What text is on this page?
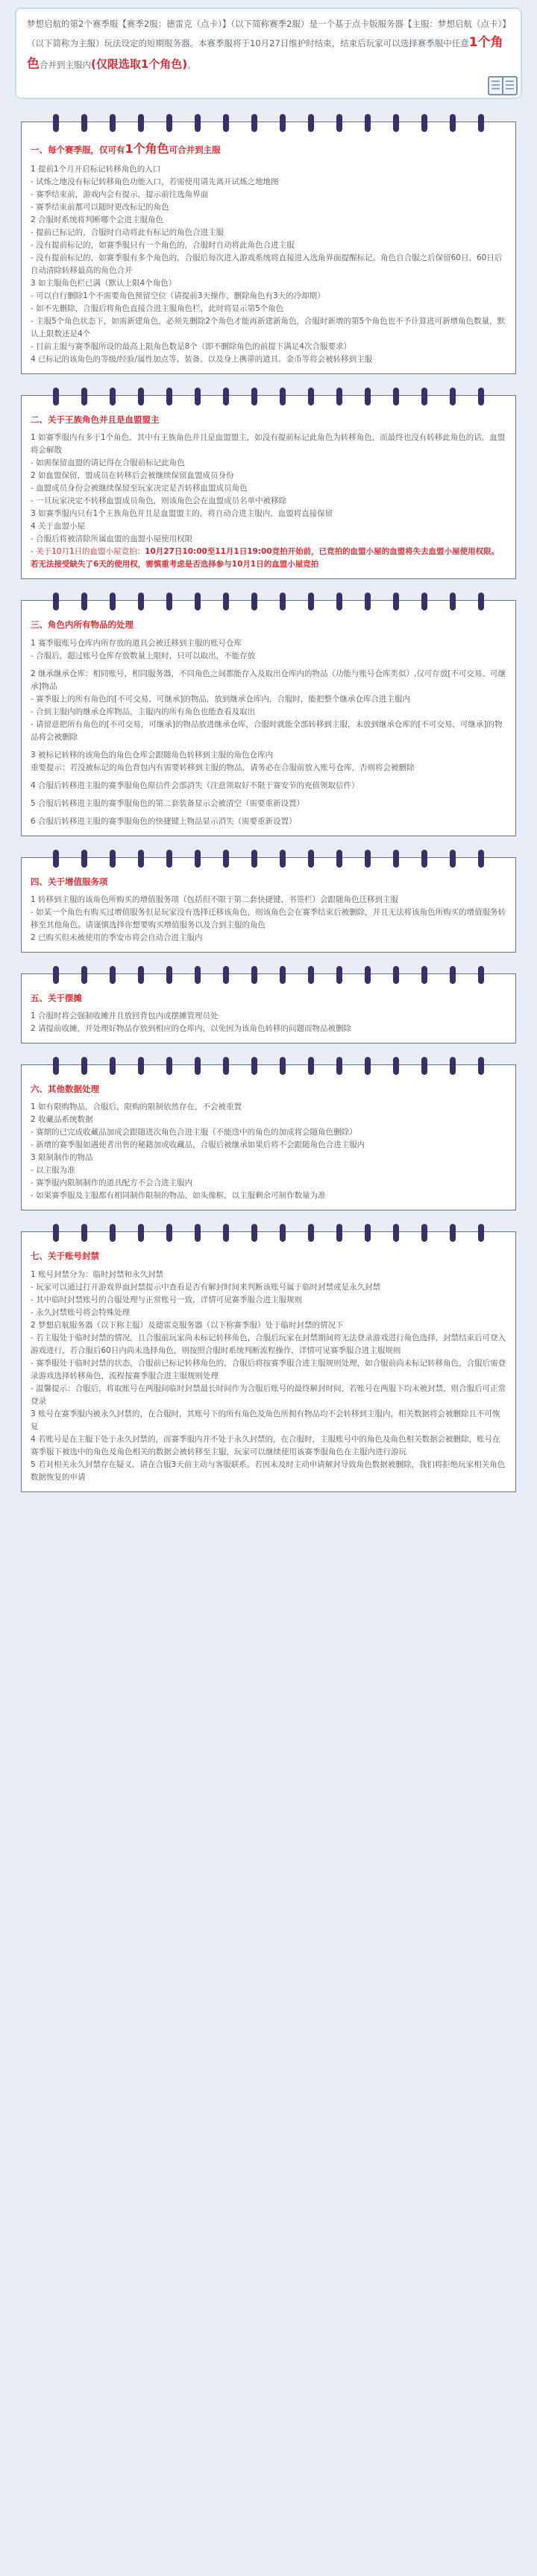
梦想启航的第2个赛季服【赛季2服：德雷克（点卡）】（以下简称赛季2服）是一个基于点卡版服务器【主服：梦想启航（点卡）】（以下简称为主服）玩法设定的短期服务器。本赛季服将于10月27日维护时结束，结束后玩家可以选择赛季服中任意1个角色合并到主服内(仅限选取1个角色)。
一、每个赛季服，仅可有1个角色可合并到主服
1 提前1个月开启标记转移角色的入口
- 试炼之地没有标记转移角色功能入口，若需使用请先离开试炼之地地图
- 赛季结束前，游戏内会有提示，提示前往选角界面
- 赛季结束前都可以随时更改标记的角色
2 合服时系统将判断哪个会进主服角色
- 提前已标记的，合服时自动将此有标记的角色合进主服
- 没有提前标记的，如赛季服只有一个角色的，合服时自动将此角色合进主服
- 没有提前标记的，如赛季服有多个角色的，合服后每次进入游戏系统将直接进入选角界面提醒标记。角色自合服之后保留60日，60日后自动清除转移最高的角色合并
3 如主服角色栏已满（默认上限4个角色）
- 可以自行删除1个不需要角色预留空位（请提前3天操作，删除角色有3天的冷却期）
- 如不先删除，合服后将角色直接合进主服角色栏，此时将显示第5个角色
- 主服5个角色状态下，如需新建角色，必须先删除2个角色才能再新建新角色，合服时新增的第5个角色也不予计算进可新增角色数量，默认上限数还是4个
- 目前主服与赛季服所设的最高上限角色数是8个（即不删除角色的前提下满足4次合服要求）
4 已标记的该角色的等级/经验/属性加点等、装备、以及身上携带的道具、金币等将会被转移到主服
二、关于王族角色并且是血盟盟主
1 如赛季服内有多于1个角色，其中有王族角色并且是血盟盟主，如没有提前标记此角色为转移角色，而最终也没有转移此角色的话，血盟将会解散
- 如需保留血盟的请记得在合服前标记此角色
2 如血盟保留，盟成员在转移后会被继续保留血盟成员身份
- 血盟成员身份会被继续保留至玩家决定是否转移血盟成员角色
- 一旦玩家决定不转移血盟成员角色，则该角色会在血盟成员名单中被移除
3 如赛季服内只有1个王族角色并且是血盟盟主的，将自动合进主服内，血盟将直接保留
4 关于血盟小屋
- 合服后将被清除所属血盟的血盟小屋使用权限
- 关于10月1日的血盟小屋竞拍：10月27日10:00至11月1日19:00竞拍开始前，已竞拍的血盟小屋的血盟将失去血盟小屋使用权限。若无法接受缺失了6天的使用权，需慎重考虑是否选择参与10月1日的血盟小屋竞拍
三、角色内所有物品的处理
1 赛季服账号仓库内所存放的道具会被迁移到主服的账号仓库
- 合服后，超过账号仓库存放数量上限时，只可以取出，不能存放
2 继承继承仓库：相同账号，相同服务器，不同角色之间都能存入及取出仓库内的物品（功能与账号仓库类似）,仅可存放[不可交易、可继承]物品
- 赛季服上的所有角色的[不可交易，可继承]的物品，放到继承仓库内，合服时，能把整个继承仓库合进主服内
- 合到主服内的继承仓库物品，主服内的所有角色也能查看及取出
- 请留意把所有角色的[不可交易，可继承]的物品放进继承仓库，合服时就能全部转移到主服，未放到继承仓库的[不可交易，可继承]的物品将会被删除
3 被标记转移的该角色的角色仓库会跟随角色转移到主服的角色仓库内
重要提示：若没被标记的角色背包内有需要转移到主服的物品，请务必在合服前放入账号仓库，否则将会被删除
4 合服后转移进主服的赛季服角色原信件会部消失（注意领取好不限于赛安节的充值领取信件）
5 合服后转移进主服的赛季服角色的第二套装备显示会被清空（需要重新设置）
6 合服后转移进主服的赛季服角色的快捷键上物品显示消失（需要重新设置）
四、关于增值服务项
1 转移到主服的该角色所购买的增值服务项（包括但不限于第二套快捷键、书签栏）会跟随角色迁移到主服
- 如某一个角色有购买过增值服务但是玩家没有选择迁移该角色，则该角色会在赛季结束后被删除，并且无法将该角色所购买的增值服务转移至其他角色。请谨慎选择你想要购买增值服务以及合到主服的角色
2 已购买但未被使用的季安市将会自动合进主服内
五、关于摆摊
1 合服时将会强制收摊并且放回背包内或摆摊管理员处
2 请提前收摊，并处理好物品存放到相应的仓库内，以免因为该角色转移的问题而物品被删除
六、其他数据处理
1 如有限购物品，合服后，限购的限制依然存在，不会被重置
2 收藏品系统数据
- 赛期的已完成收藏品加成会跟随进次角色合进主服（不能迭中的角色的加成将会随角色删除）
- 新增的赛季服如遇使者出售的秘籍加成收藏品，合服后被继承如果后将不会跟随角色合进主服内
3 限制制作的物品
- 以主服为准
- 赛季服内限制制作的道具配方不会合进主服内
- 如果赛季服及主服都有相同制作限制的物品，如头像框，以主服剩余可制作数量为准
七、关于账号封禁
1 账号封禁分为：临时封禁和永久封禁
- 玩家可以通过打开游戏界面封禁提示中查看是否有解封时间来判断该账号属于临时封禁或是永久封禁
- 其中临时封禁账号的合服处理与正常账号一致，详情可见赛季服合进主服规则
- 永久封禁账号将会特殊处理
2 梦想启航服务器（以下称主服）及德雷克服务器（以下称赛季服）处于临时封禁的情况下
- 若主服处于临时封禁的情况，且合服前玩家尚未标记转移角色，合服后玩家在封禁期间将无法登录游戏进行角色选择，封禁结束后可登入游戏进行，若合服后60日内尚未选择角色，则按照合服时系统判断流程操作，详情可见赛季服合进主服规则
- 赛季服处于临时封禁的状态，合服前已标记转移角色的，合服后将按赛季服合进主服规则处理，如合服前尚未标记转移角色，合服后需登录游戏选择转移角色，流程按赛季服合进主服规则处理
- 温馨提示：合服后，将取账号在两服间临时封禁最长时间作为合服后账号的最终解封时间，若账号在两服下均未被封禁，则合服后可正常登录
3 账号在赛季服内被永久封禁的，在合服时，其账号下的所有角色及角色所拥有物品均不会转移到主服内，相关数据将会被删除且不可恢复
4 若账号是在主服下处于永久封禁的，而赛季服内并不处于永久封禁的，在合服时，主服账号中的角色及角色相关数据会被删除，账号在赛季服下被选中的角色及角色相关的数据会被转移至主服，玩家可以继续使用该赛季服角色在主服内进行游玩
5 若对相关永久封禁存在疑义，请在合服3天前主动与客服联系。若因未及时主动申请解封导致角色数据被删除，我们将拒绝玩家相关角色数据恢复的申请
